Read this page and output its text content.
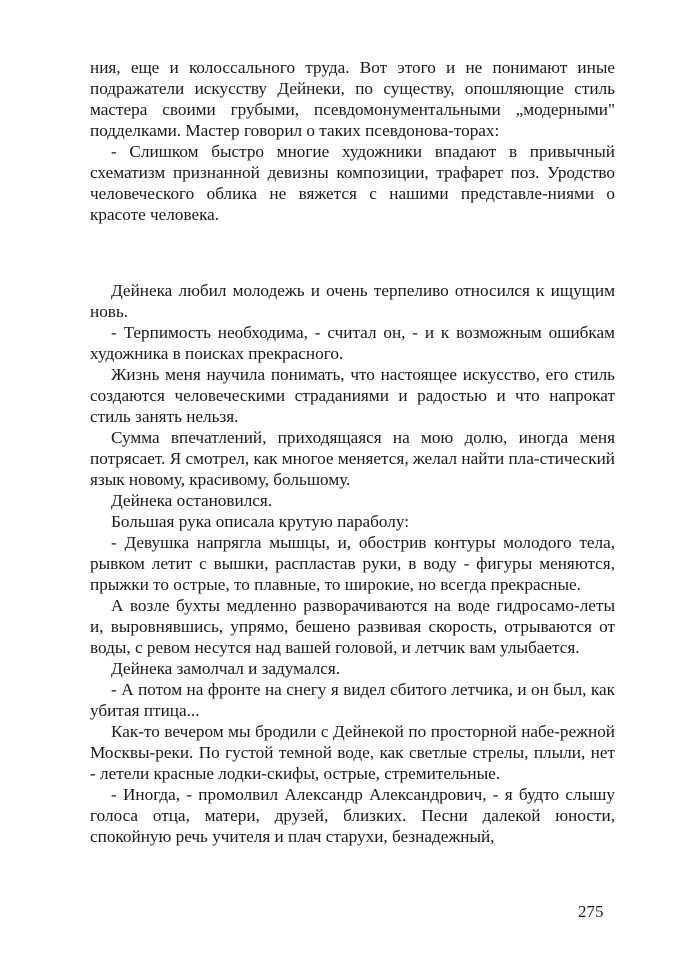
ния, еще и колоссального труда. Вот этого и не понимают иные подражатели искусству Дейнеки, по существу, опошляющие стиль мастера своими грубыми, псевдомонументальными „модерными" подделками. Мастер говорил о таких псевдонова-торах:

- Слишком быстро многие художники впадают в привычный схематизм признанной девизны композиции, трафарет поз. Уродство человеческого облика не вяжется с нашими представле-ниями о красоте человека.

Дейнека любил молодежь и очень терпеливо относился к ищущим новь.

- Терпимость необходима, - считал он, - и к возможным ошибкам художника в поисках прекрасного.

Жизнь меня научила понимать, что настоящее искусство, его стиль создаются человеческими страданиями и радостью и что напрокат стиль занять нельзя.

Сумма впечатлений, приходящаяся на мою долю, иногда меня потрясает. Я смотрел, как многое меняется, желал найти пла-стический язык новому, красивому, большому.

Дейнека остановился.

Большая рука описала крутую параболу:

- Девушка напрягла мышцы, и, обострив контуры молодого тела, рывком летит с вышки, распластав руки, в воду - фигуры меняются, прыжки то острые, то плавные, то широкие, но всегда прекрасные.

А возле бухты медленно разворачиваются на воде гидросамо-леты и, выровнявшись, упрямо, бешено развивая скорость, отрываются от воды, с ревом несутся над вашей головой, и летчик вам улыбается.

Дейнека замолчал и задумался.

- А потом на фронте на снегу я видел сбитого летчика, и он был, как убитая птица...

Как-то вечером мы бродили с Дейнекой по просторной набе-режной Москвы-реки. По густой темной воде, как светлые стрелы, плыли, нет - летели красные лодки-скифы, острые, стремительные.

- Иногда, - промолвил Александр Александрович, - я будто слышу голоса отца, матери, друзей, близких. Песни далекой юности, спокойную речь учителя и плач старухи, безнадежный,

275
